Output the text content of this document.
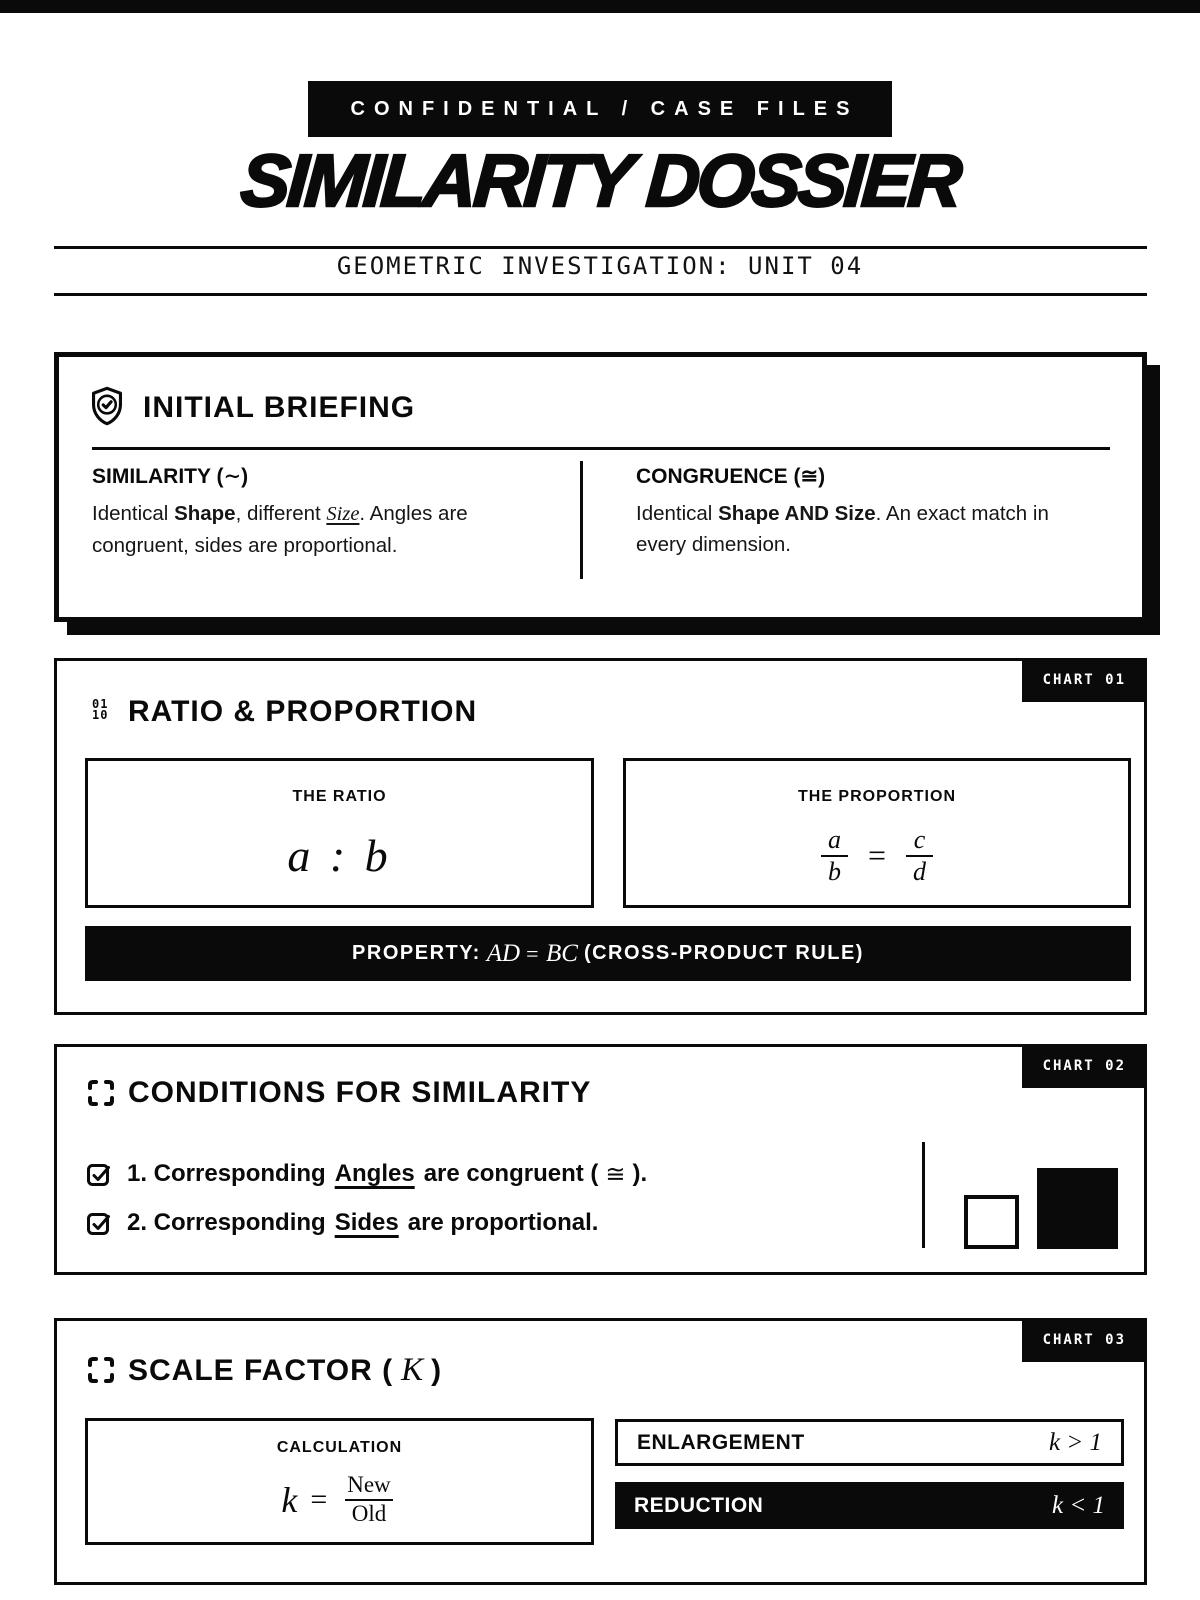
CONFIDENTIAL / CASE FILES
SIMILARITY DOSSIER
GEOMETRIC INVESTIGATION: UNIT 04
INITIAL BRIEFING
SIMILARITY (∼)
Identical Shape, different Size. Angles are congruent, sides are proportional.
CONGRUENCE (≅)
Identical Shape AND Size. An exact match in every dimension.
CHART 01
01
10 RATIO & PROPORTION
THE RATIO
a : b
THE PROPORTION
$\frac{a}{b} = \frac{c}{d}$
PROPERTY: AD = BC (CROSS-PRODUCT RULE)
CHART 02
CONDITIONS FOR SIMILARITY
1. Corresponding Angles are congruent ( ≅ ).
2. Corresponding Sides are proportional.
CHART 03
SCALE FACTOR ( K )
CALCULATION
$k = \frac{\text{New}}{\text{Old}}$
ENLARGEMENT	k > 1
REDUCTION	k < 1
